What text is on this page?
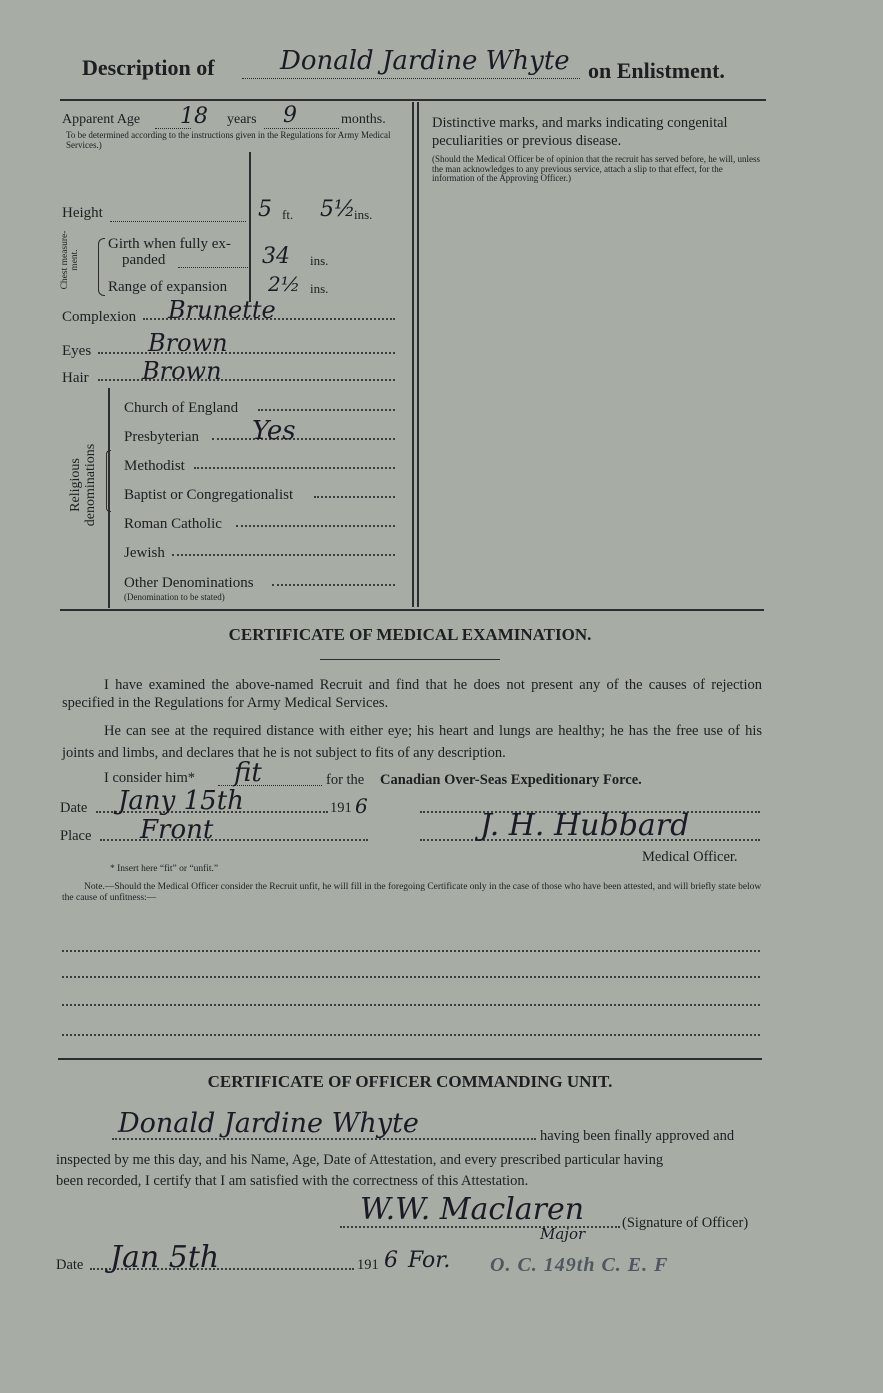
Description of	Donald Jardine Whyte on Enlistment.
Apparent Age 18 years 9	months.
To be determined according to the instructions given in the Regulations for Army Medical Services.)
Height	5 ft. 5½
ins.
Chest measure-ment.
Girth when fully ex-
panded	34 ins.
Range of expansion 2½ ins.
Complexion Brunette
Eyes Brown
Hair Brown
Religious denominations
Church of England
Presbyterian Yes
Methodist
Baptist or Congregationalist
Roman Catholic
Jewish
Other Denominations
(Denomination to be stated)
Distinctive marks, and marks indicating congenital peculiarities or previous disease.
(Should the Medical Officer be of opinion that the recruit has served before, he will, unless the man acknowledges to any previous service, attach a slip to that effect, for the information of the Approving Officer.)
CERTIFICATE OF MEDICAL EXAMINATION.
I have examined the above-named Recruit and find that he does not present any of the causes of rejection specified in the Regulations for Army Medical Services.
He can see at the required distance with either eye; his heart and lungs are healthy; he has the free use of his joints and limbs, and declares that he is not subject to fits of any description.
I consider him* fit	for the Canadian Over-Seas Expeditionary Force.
Date Jany 15th	191 6
Place Front	J. H. Hubbard
Medical Officer.
* Insert here “fit” or “unfit.”
Note.—Should the Medical Officer consider the Recruit unfit, he will fill in the foregoing Certificate only in the case of those who have been attested, and will briefly state below the cause of unfitness:—
CERTIFICATE OF OFFICER COMMANDING UNIT.
Donald Jardine Whyte	having been finally approved and
inspected by me this day, and his Name, Age, Date of Attestation, and every prescribed particular having
been recorded, I certify that I am satisfied with the correctness of this Attestation.
W.W. Maclaren
Major
(Signature of Officer)
Date Jan 5th	191 6 For. O. C. 149th C. E. F
